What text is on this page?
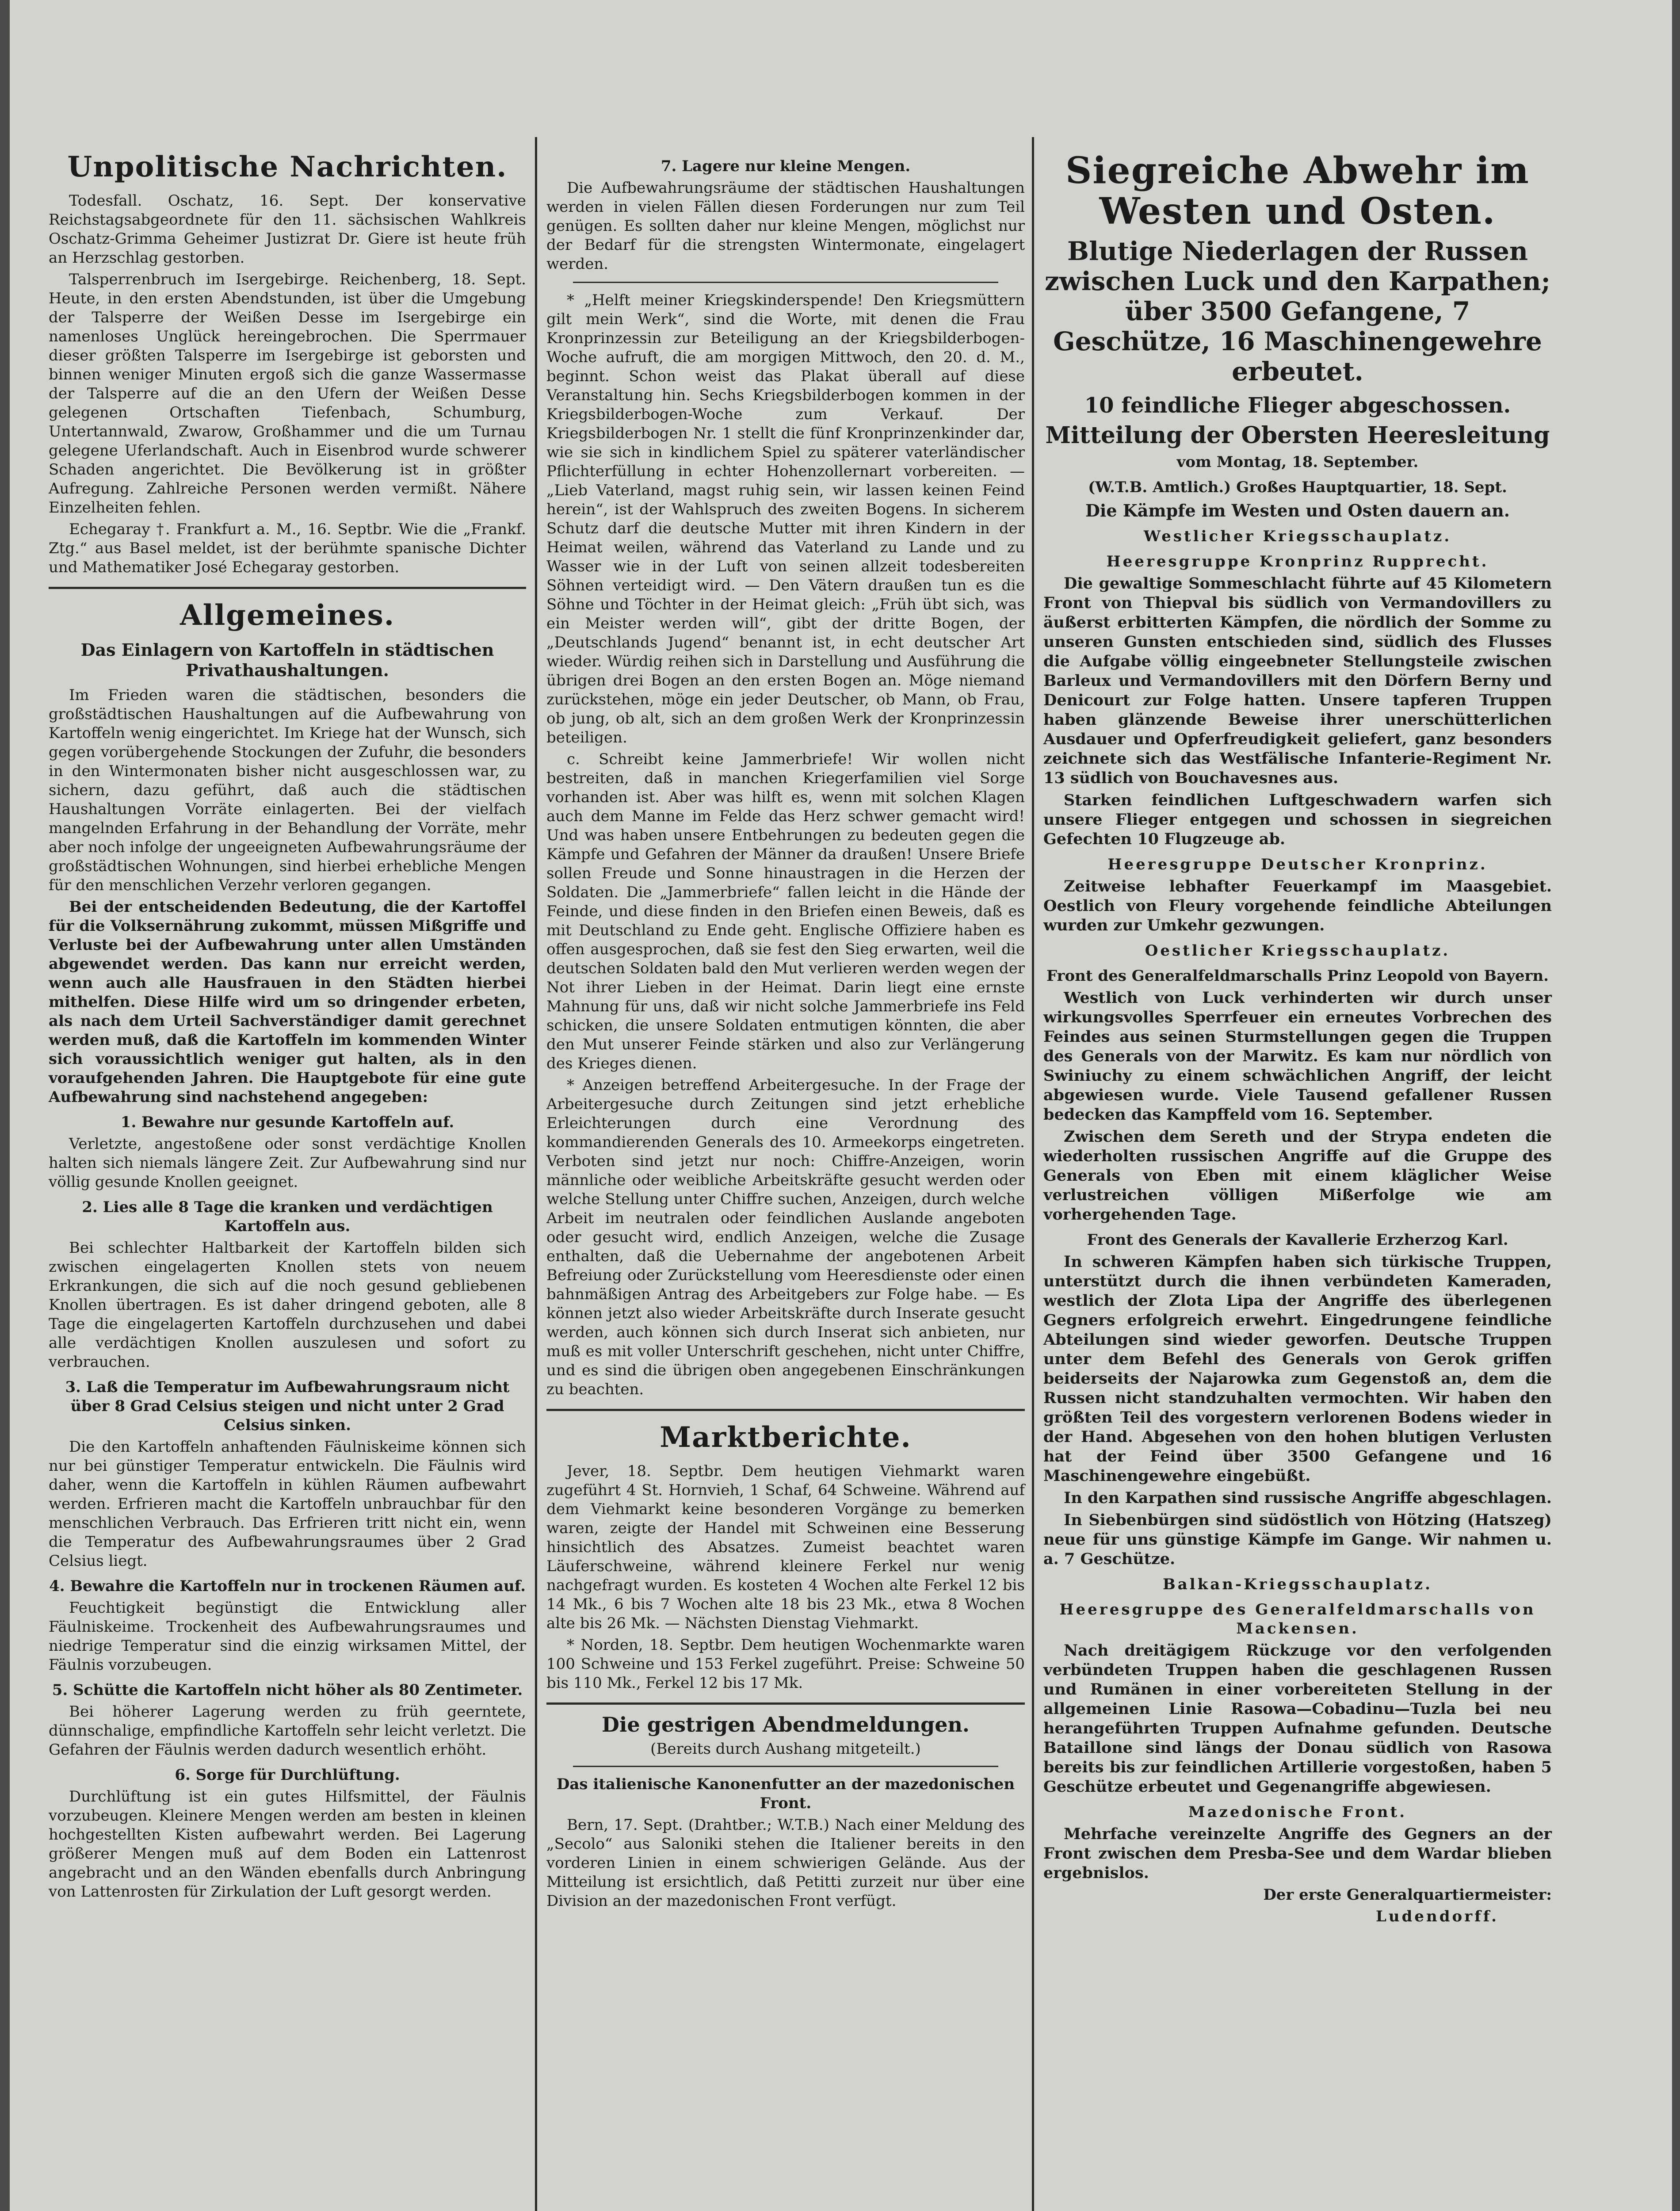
Unpolitische Nachrichten.

Todesfall. Oschatz, 16. Sept. Der konservative Reichstagsabgeordnete für den 11. sächsischen Wahlkreis Oschatz-Grimma Geheimer Justizrat Dr. Giere ist heute früh an Herzschlag gestorben.

Talsperrenbruch im Isergebirge. Reichenberg, 18. Sept. Heute, in den ersten Abendstunden, ist über die Umgebung der Talsperre der Weißen Desse im Isergebirge ein namenloses Unglück hereingebrochen. Die Sperrmauer dieser größten Talsperre im Isergebirge ist geborsten und binnen weniger Minuten ergoß sich die ganze Wassermasse der Talsperre auf die an den Ufern der Weißen Desse gelegenen Ortschaften Tiefenbach, Schumburg, Untertannwald, Zwarow, Großhammer und die um Turnau gelegene Uferlandschaft. Auch in Eisenbrod wurde schwerer Schaden angerichtet. Die Bevölkerung ist in größter Aufregung. Zahlreiche Personen werden vermißt. Nähere Einzelheiten fehlen.

Echegaray †. Frankfurt a. M., 16. Septbr. Wie die „Frankf. Ztg.“ aus Basel meldet, ist der berühmte spanische Dichter und Mathematiker José Echegaray gestorben.

Allgemeines.
Das Einlagern von Kartoffeln in städtischen Privathaushaltungen.

Im Frieden waren die städtischen, besonders die großstädtischen Haushaltungen auf die Aufbewahrung von Kartoffeln wenig eingerichtet. Im Kriege hat der Wunsch, sich gegen vorübergehende Stockungen der Zufuhr, die besonders in den Wintermonaten bisher nicht ausgeschlossen war, zu sichern, dazu geführt, daß auch die städtischen Haushaltungen Vorräte einlagerten. Bei der vielfach mangelnden Erfahrung in der Behandlung der Vorräte, mehr aber noch infolge der ungeeigneten Aufbewahrungsräume der großstädtischen Wohnungen, sind hierbei erhebliche Mengen für den menschlichen Verzehr verloren gegangen.

Bei der entscheidenden Bedeutung, die der Kartoffel für die Volksernährung zukommt, müssen Mißgriffe und Verluste bei der Aufbewahrung unter allen Umständen abgewendet werden. Das kann nur erreicht werden, wenn auch alle Hausfrauen in den Städten hierbei mithelfen. Diese Hilfe wird um so dringender erbeten, als nach dem Urteil Sachverständiger damit gerechnet werden muß, daß die Kartoffeln im kommenden Winter sich voraussichtlich weniger gut halten, als in den voraufgehenden Jahren. Die Hauptgebote für eine gute Aufbewahrung sind nachstehend angegeben:

1. Bewahre nur gesunde Kartoffeln auf.

Verletzte, angestoßene oder sonst verdächtige Knollen halten sich niemals längere Zeit. Zur Aufbewahrung sind nur völlig gesunde Knollen geeignet.

2. Lies alle 8 Tage die kranken und verdächtigen Kartoffeln aus.

Bei schlechter Haltbarkeit der Kartoffeln bilden sich zwischen eingelagerten Knollen stets von neuem Erkrankungen, die sich auf die noch gesund gebliebenen Knollen übertragen. Es ist daher dringend geboten, alle 8 Tage die eingelagerten Kartoffeln durchzusehen und dabei alle verdächtigen Knollen auszulesen und sofort zu verbrauchen.

3. Laß die Temperatur im Aufbewahrungsraum nicht über 8 Grad Celsius steigen und nicht unter 2 Grad Celsius sinken.

Die den Kartoffeln anhaftenden Fäulniskeime können sich nur bei günstiger Temperatur entwickeln. Die Fäulnis wird daher, wenn die Kartoffeln in kühlen Räumen aufbewahrt werden. Erfrieren macht die Kartoffeln unbrauchbar für den menschlichen Verbrauch. Das Erfrieren tritt nicht ein, wenn die Temperatur des Aufbewahrungsraumes über 2 Grad Celsius liegt.

4. Bewahre die Kartoffeln nur in trockenen Räumen auf.

Feuchtigkeit begünstigt die Entwicklung aller Fäulniskeime. Trockenheit des Aufbewahrungsraumes und niedrige Temperatur sind die einzig wirksamen Mittel, der Fäulnis vorzubeugen.

5. Schütte die Kartoffeln nicht höher als 80 Zentimeter.

Bei höherer Lagerung werden zu früh geerntete, dünnschalige, empfindliche Kartoffeln sehr leicht verletzt. Die Gefahren der Fäulnis werden dadurch wesentlich erhöht.

6. Sorge für Durchlüftung.

Durchlüftung ist ein gutes Hilfsmittel, der Fäulnis vorzubeugen. Kleinere Mengen werden am besten in kleinen hochgestellten Kisten aufbewahrt werden. Bei Lagerung größerer Mengen muß auf dem Boden ein Lattenrost angebracht und an den Wänden ebenfalls durch Anbringung von Lattenrosten für Zirkulation der Luft gesorgt werden.

7. Lagere nur kleine Mengen.

Die Aufbewahrungsräume der städtischen Haushaltungen werden in vielen Fällen diesen Forderungen nur zum Teil genügen. Es sollten daher nur kleine Mengen, möglichst nur der Bedarf für die strengsten Wintermonate, eingelagert werden.

* „Helft meiner Kriegskinderspende! Den Kriegsmüttern gilt mein Werk“, sind die Worte, mit denen die Frau Kronprinzessin zur Beteiligung an der Kriegsbilderbogen-Woche aufruft, die am morgigen Mittwoch, den 20. d. M., beginnt. Schon weist das Plakat überall auf diese Veranstaltung hin. Sechs Kriegsbilderbogen kommen in der Kriegsbilderbogen-Woche zum Verkauf. Der Kriegsbilderbogen Nr. 1 stellt die fünf Kronprinzenkinder dar, wie sie sich in kindlichem Spiel zu späterer vaterländischer Pflichterfüllung in echter Hohenzollernart vorbereiten. — „Lieb Vaterland, magst ruhig sein, wir lassen keinen Feind herein“, ist der Wahlspruch des zweiten Bogens. In sicherem Schutz darf die deutsche Mutter mit ihren Kindern in der Heimat weilen, während das Vaterland zu Lande und zu Wasser wie in der Luft von seinen allzeit todesbereiten Söhnen verteidigt wird. — Den Vätern draußen tun es die Söhne und Töchter in der Heimat gleich: „Früh übt sich, was ein Meister werden will“, gibt der dritte Bogen, der „Deutschlands Jugend“ benannt ist, in echt deutscher Art wieder. Würdig reihen sich in Darstellung und Ausführung die übrigen drei Bogen an den ersten Bogen an. Möge niemand zurückstehen, möge ein jeder Deutscher, ob Mann, ob Frau, ob jung, ob alt, sich an dem großen Werk der Kronprinzessin beteiligen.

c. Schreibt keine Jammerbriefe! Wir wollen nicht bestreiten, daß in manchen Kriegerfamilien viel Sorge vorhanden ist. Aber was hilft es, wenn mit solchen Klagen auch dem Manne im Felde das Herz schwer gemacht wird! Und was haben unsere Entbehrungen zu bedeuten gegen die Kämpfe und Gefahren der Männer da draußen! Unsere Briefe sollen Freude und Sonne hinaustragen in die Herzen der Soldaten. Die „Jammerbriefe“ fallen leicht in die Hände der Feinde, und diese finden in den Briefen einen Beweis, daß es mit Deutschland zu Ende geht. Englische Offiziere haben es offen ausgesprochen, daß sie fest den Sieg erwarten, weil die deutschen Soldaten bald den Mut verlieren werden wegen der Not ihrer Lieben in der Heimat. Darin liegt eine ernste Mahnung für uns, daß wir nicht solche Jammerbriefe ins Feld schicken, die unsere Soldaten entmutigen könnten, die aber den Mut unserer Feinde stärken und also zur Verlängerung des Krieges dienen.

* Anzeigen betreffend Arbeitergesuche. In der Frage der Arbeitergesuche durch Zeitungen sind jetzt erhebliche Erleichterungen durch eine Verordnung des kommandierenden Generals des 10. Armeekorps eingetreten. Verboten sind jetzt nur noch: Chiffre-Anzeigen, worin männliche oder weibliche Arbeitskräfte gesucht werden oder welche Stellung unter Chiffre suchen, Anzeigen, durch welche Arbeit im neutralen oder feindlichen Auslande angeboten oder gesucht wird, endlich Anzeigen, welche die Zusage enthalten, daß die Uebernahme der angebotenen Arbeit Befreiung oder Zurückstellung vom Heeresdienste oder einen bahnmäßigen Antrag des Arbeitgebers zur Folge habe. — Es können jetzt also wieder Arbeitskräfte durch Inserate gesucht werden, auch können sich durch Inserat sich anbieten, nur muß es mit voller Unterschrift geschehen, nicht unter Chiffre, und es sind die übrigen oben angegebenen Einschränkungen zu beachten.

Marktberichte.

Jever, 18. Septbr. Dem heutigen Viehmarkt waren zugeführt 4 St. Hornvieh, 1 Schaf, 64 Schweine. Während auf dem Viehmarkt keine besonderen Vorgänge zu bemerken waren, zeigte der Handel mit Schweinen eine Besserung hinsichtlich des Absatzes. Zumeist beachtet waren Läuferschweine, während kleinere Ferkel nur wenig nachgefragt wurden. Es kosteten 4 Wochen alte Ferkel 12 bis 14 Mk., 6 bis 7 Wochen alte 18 bis 23 Mk., etwa 8 Wochen alte bis 26 Mk. — Nächsten Dienstag Viehmarkt.

* Norden, 18. Septbr. Dem heutigen Wochenmarkte waren 100 Schweine und 153 Ferkel zugeführt. Preise: Schweine 50 bis 110 Mk., Ferkel 12 bis 17 Mk.

Die gestrigen Abendmeldungen.
(Bereits durch Aushang mitgeteilt.)
Das italienische Kanonenfutter an der mazedonischen Front.

Bern, 17. Sept. (Drahtber.; W.T.B.) Nach einer Meldung des „Secolo“ aus Saloniki stehen die Italiener bereits in den vorderen Linien in einem schwierigen Gelände. Aus der Mitteilung ist ersichtlich, daß Petitti zurzeit nur über eine Division an der mazedonischen Front verfügt.

Siegreiche Abwehr im Westen und Osten.
Blutige Niederlagen der Russen zwischen Luck und den Karpathen; über 3500 Gefangene, 7 Geschütze, 16 Maschinengewehre erbeutet.
10 feindliche Flieger abgeschossen.
Mitteilung der Obersten Heeresleitung
vom Montag, 18. September.
(W.T.B. Amtlich.) Großes Hauptquartier, 18. Sept.
Die Kämpfe im Westen und Osten dauern an.
Westlicher Kriegsschauplatz.
Heeresgruppe Kronprinz Rupprecht.

Die gewaltige Sommeschlacht führte auf 45 Kilometern Front von Thiepval bis südlich von Vermandovillers zu äußerst erbitterten Kämpfen, die nördlich der Somme zu unseren Gunsten entschieden sind, südlich des Flusses die Aufgabe völlig eingeebneter Stellungsteile zwischen Barleux und Vermandovillers mit den Dörfern Berny und Denicourt zur Folge hatten. Unsere tapferen Truppen haben glänzende Beweise ihrer unerschütterlichen Ausdauer und Opferfreudigkeit geliefert, ganz besonders zeichnete sich das Westfälische Infanterie-Regiment Nr. 13 südlich von Bouchavesnes aus.

Starken feindlichen Luftgeschwadern warfen sich unsere Flieger entgegen und schossen in siegreichen Gefechten 10 Flugzeuge ab.

Heeresgruppe Deutscher Kronprinz.

Zeitweise lebhafter Feuerkampf im Maasgebiet. Oestlich von Fleury vorgehende feindliche Abteilungen wurden zur Umkehr gezwungen.

Oestlicher Kriegsschauplatz.
Front des Generalfeldmarschalls Prinz Leopold von Bayern.

Westlich von Luck verhinderten wir durch unser wirkungsvolles Sperrfeuer ein erneutes Vorbrechen des Feindes aus seinen Sturmstellungen gegen die Truppen des Generals von der Marwitz. Es kam nur nördlich von Swiniuchy zu einem schwächlichen Angriff, der leicht abgewiesen wurde. Viele Tausend gefallener Russen bedecken das Kampffeld vom 16. September.

Zwischen dem Sereth und der Strypa endeten die wiederholten russischen Angriffe auf die Gruppe des Generals von Eben mit einem kläglicher Weise verlustreichen völligen Mißerfolge wie am vorhergehenden Tage.

Front des Generals der Kavallerie Erzherzog Karl.

In schweren Kämpfen haben sich türkische Truppen, unterstützt durch die ihnen verbündeten Kameraden, westlich der Zlota Lipa der Angriffe des überlegenen Gegners erfolgreich erwehrt. Eingedrungene feindliche Abteilungen sind wieder geworfen. Deutsche Truppen unter dem Befehl des Generals von Gerok griffen beiderseits der Najarowka zum Gegenstoß an, dem die Russen nicht standzuhalten vermochten. Wir haben den größten Teil des vorgestern verlorenen Bodens wieder in der Hand. Abgesehen von den hohen blutigen Verlusten hat der Feind über 3500 Gefangene und 16 Maschinengewehre eingebüßt.

In den Karpathen sind russische Angriffe abgeschlagen.

In Siebenbürgen sind südöstlich von Hötzing (Hatszeg) neue für uns günstige Kämpfe im Gange. Wir nahmen u. a. 7 Geschütze.

Balkan-Kriegsschauplatz.
Heeresgruppe des Generalfeldmarschalls von Mackensen.

Nach dreitägigem Rückzuge vor den verfolgenden verbündeten Truppen haben die geschlagenen Russen und Rumänen in einer vorbereiteten Stellung in der allgemeinen Linie Rasowa—Cobadinu—Tuzla bei neu herangeführten Truppen Aufnahme gefunden. Deutsche Bataillone sind längs der Donau südlich von Rasowa bereits bis zur feindlichen Artillerie vorgestoßen, haben 5 Geschütze erbeutet und Gegenangriffe abgewiesen.

Mazedonische Front.

Mehrfache vereinzelte Angriffe des Gegners an der Front zwischen dem Presba-See und dem Wardar blieben ergebnislos.

Der erste Generalquartiermeister:

Ludendorff.
